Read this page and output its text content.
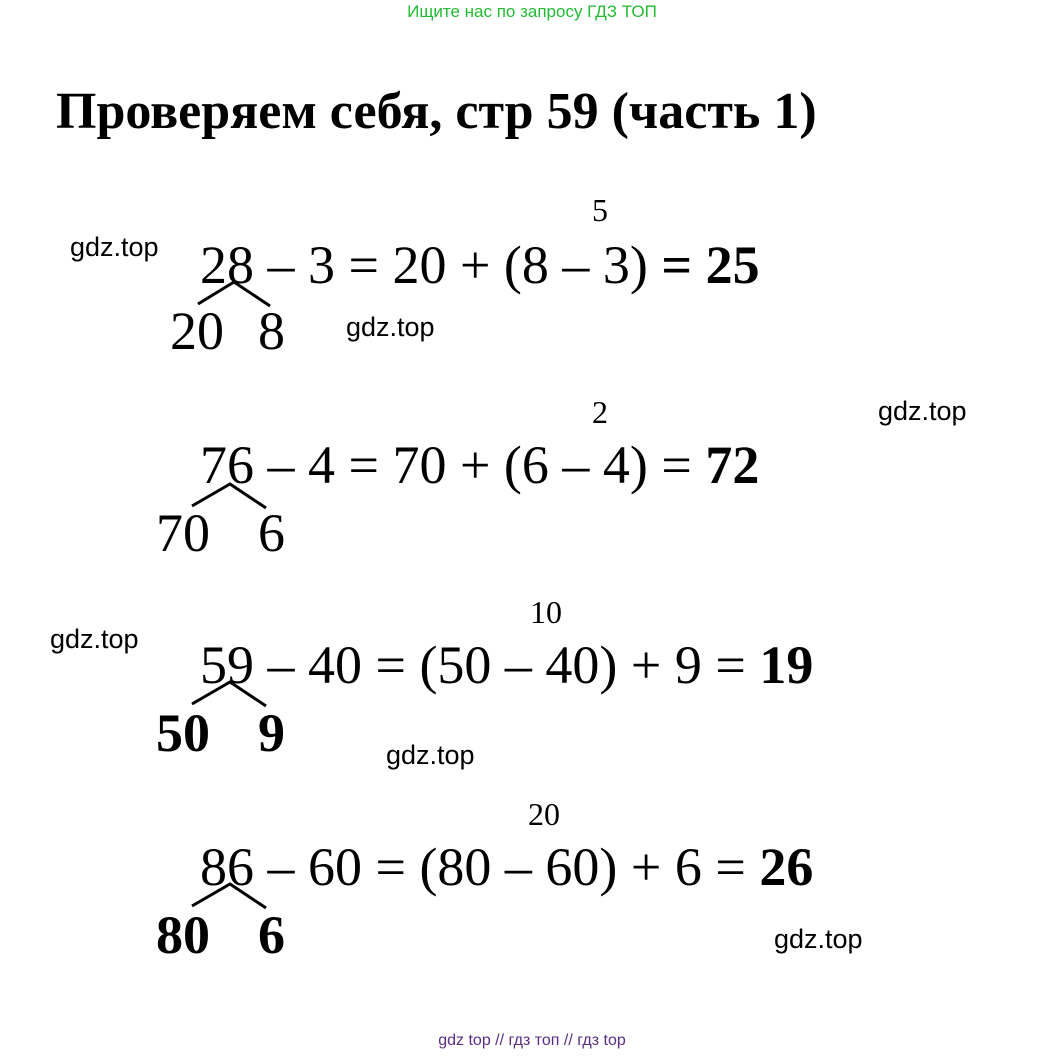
Ищите нас по запросу ГДЗ ТОП
Проверяем себя, стр 59 (часть 1)
gdz.top
gdz.top
gdz.top
gdz.top
gdz.top
gdz.top
5
28 – 3 = 20 + (8 – 3) = 25
20 8
2
76 – 4 = 70 + (6 – 4) = 72
70 6
10
59 – 40 = (50 – 40) + 9 = 19
50 9
20
86 – 60 = (80 – 60) + 6 = 26
80 6
gdz top // гдз топ // гдз top
